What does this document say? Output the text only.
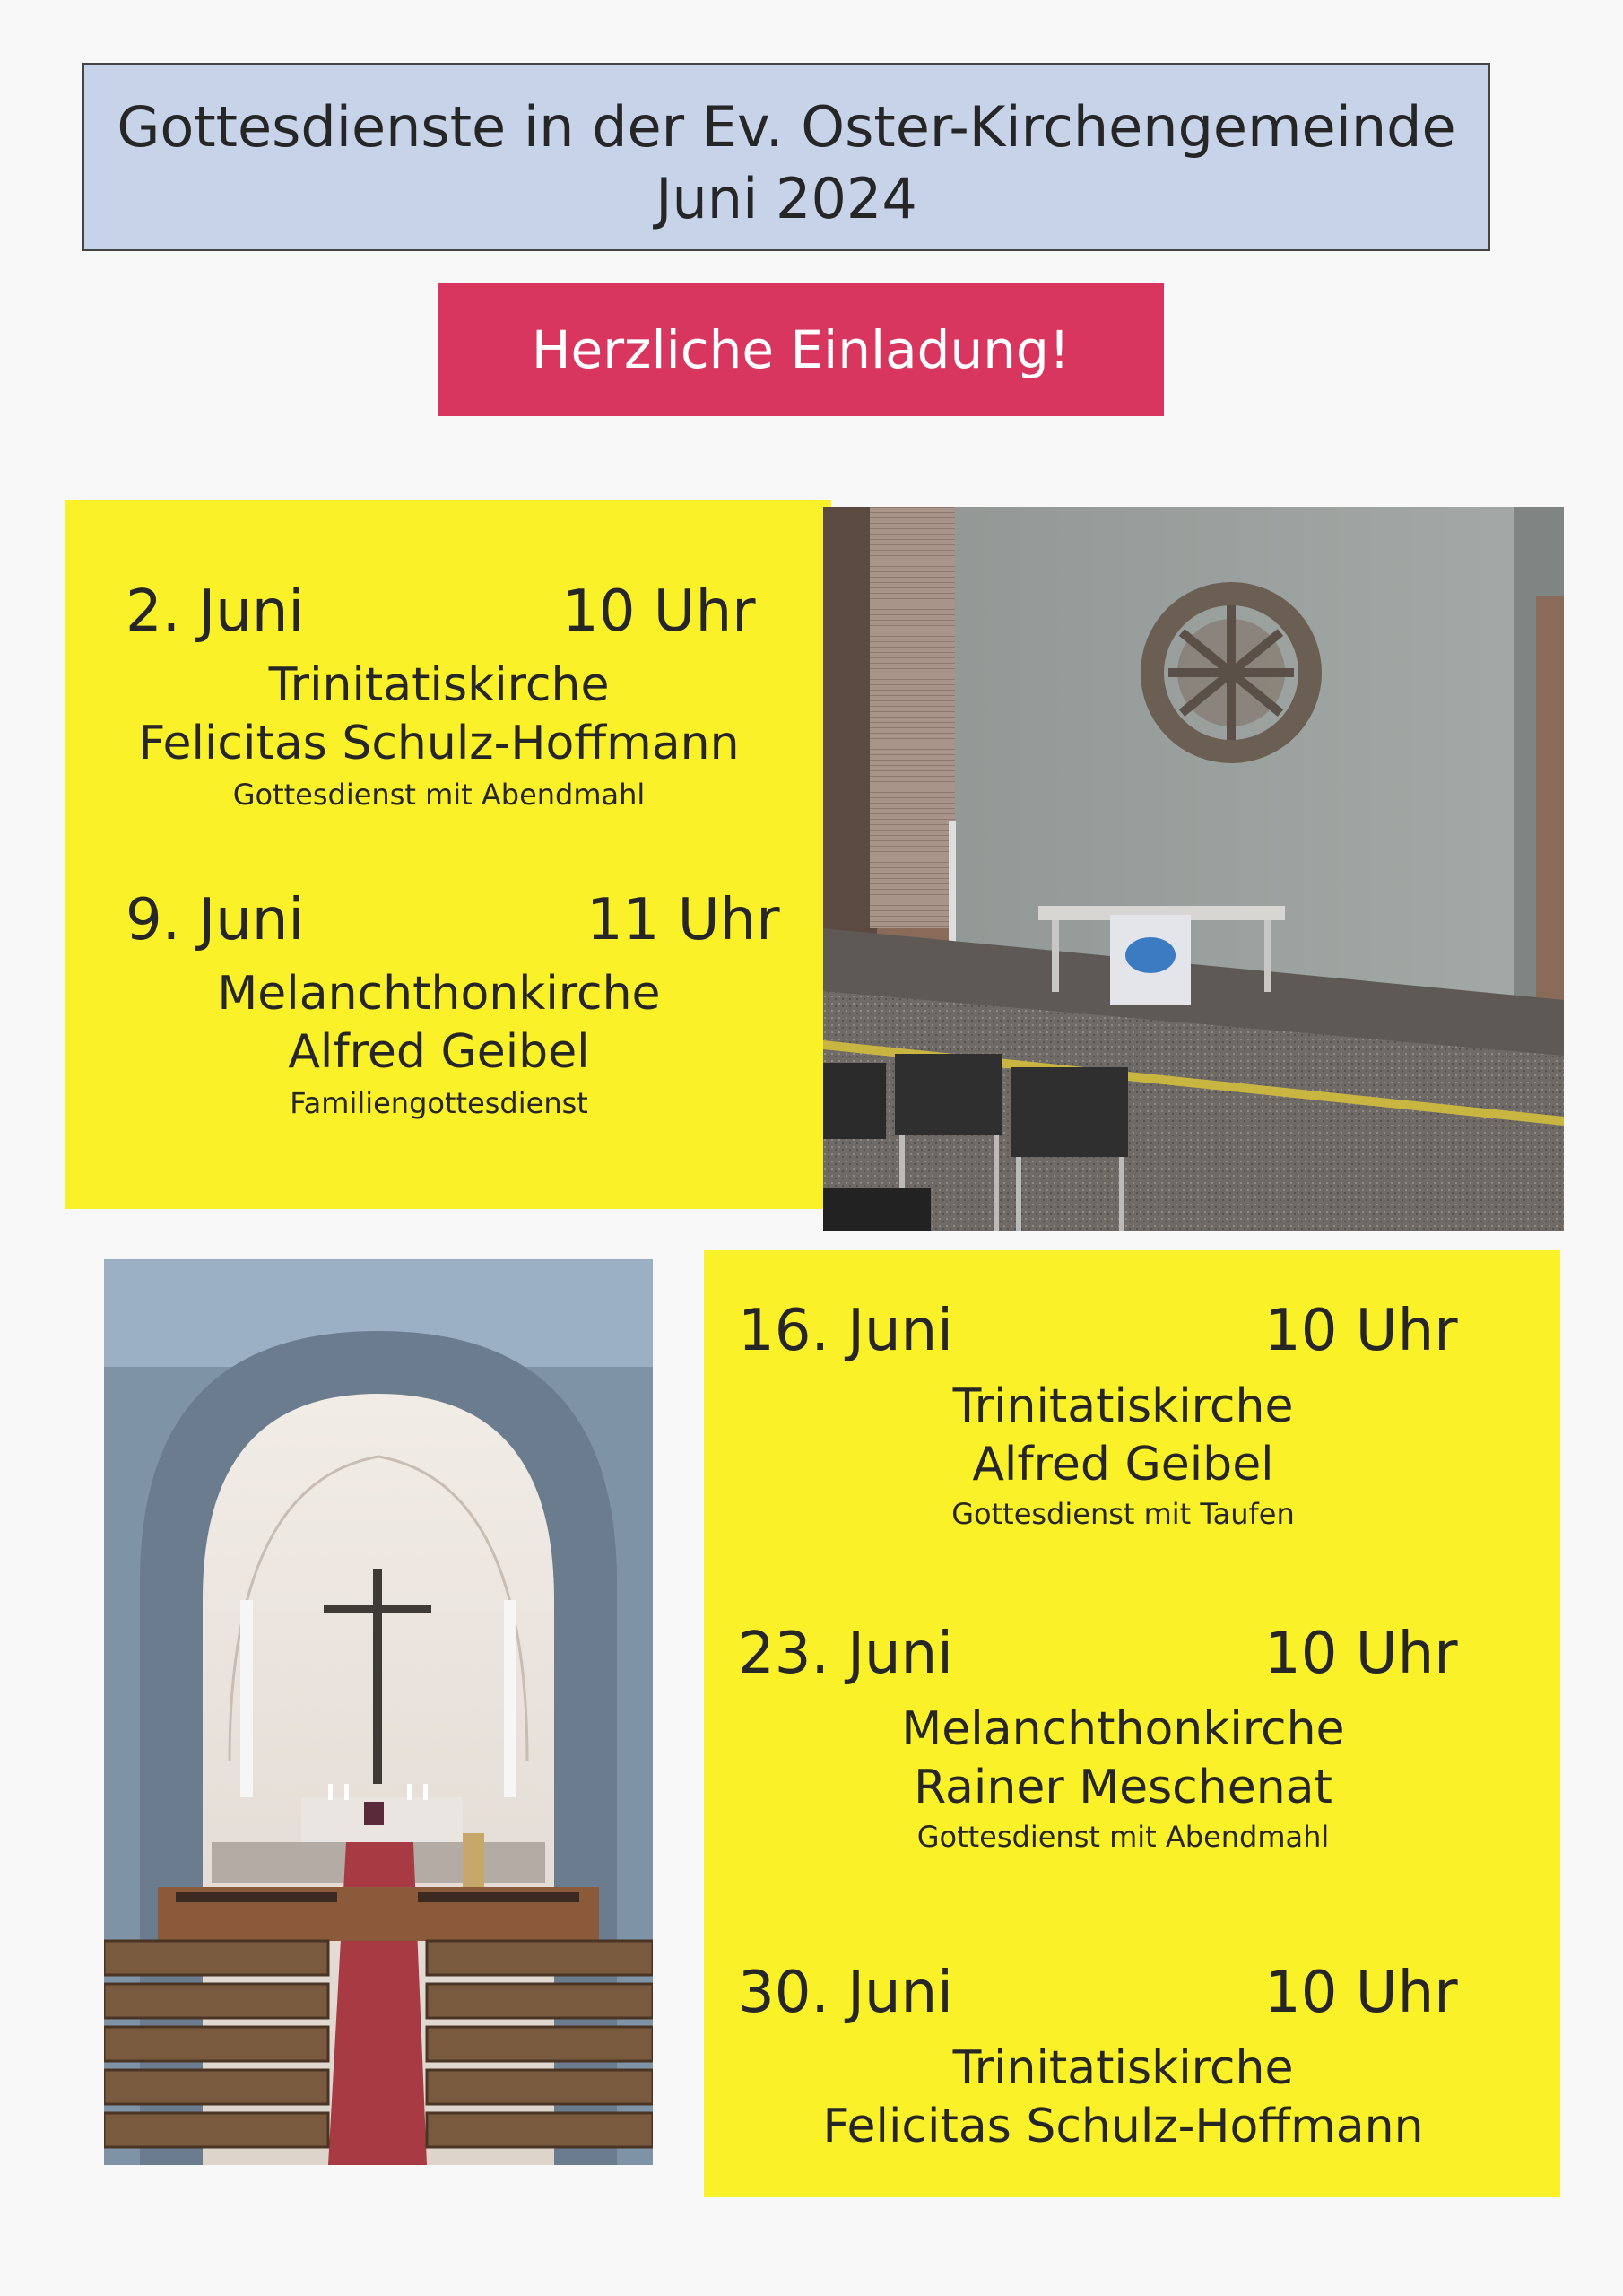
Gottesdienste in der Ev. Oster-Kirchengemeinde
Juni 2024
Herzliche Einladung!
2. Juni	10 Uhr
Trinitatiskirche
Felicitas Schulz-Hoffmann
Gottesdienst mit Abendmahl
9. Juni	11 Uhr
Melanchthonkirche
Alfred Geibel
Familiengottesdienst
16. Juni	10 Uhr
Trinitatiskirche
Alfred Geibel
Gottesdienst mit Taufen
23. Juni	10 Uhr
Melanchthonkirche
Rainer Meschenat
Gottesdienst mit Abendmahl
30. Juni	10 Uhr
Trinitatiskirche
Felicitas Schulz-Hoffmann
